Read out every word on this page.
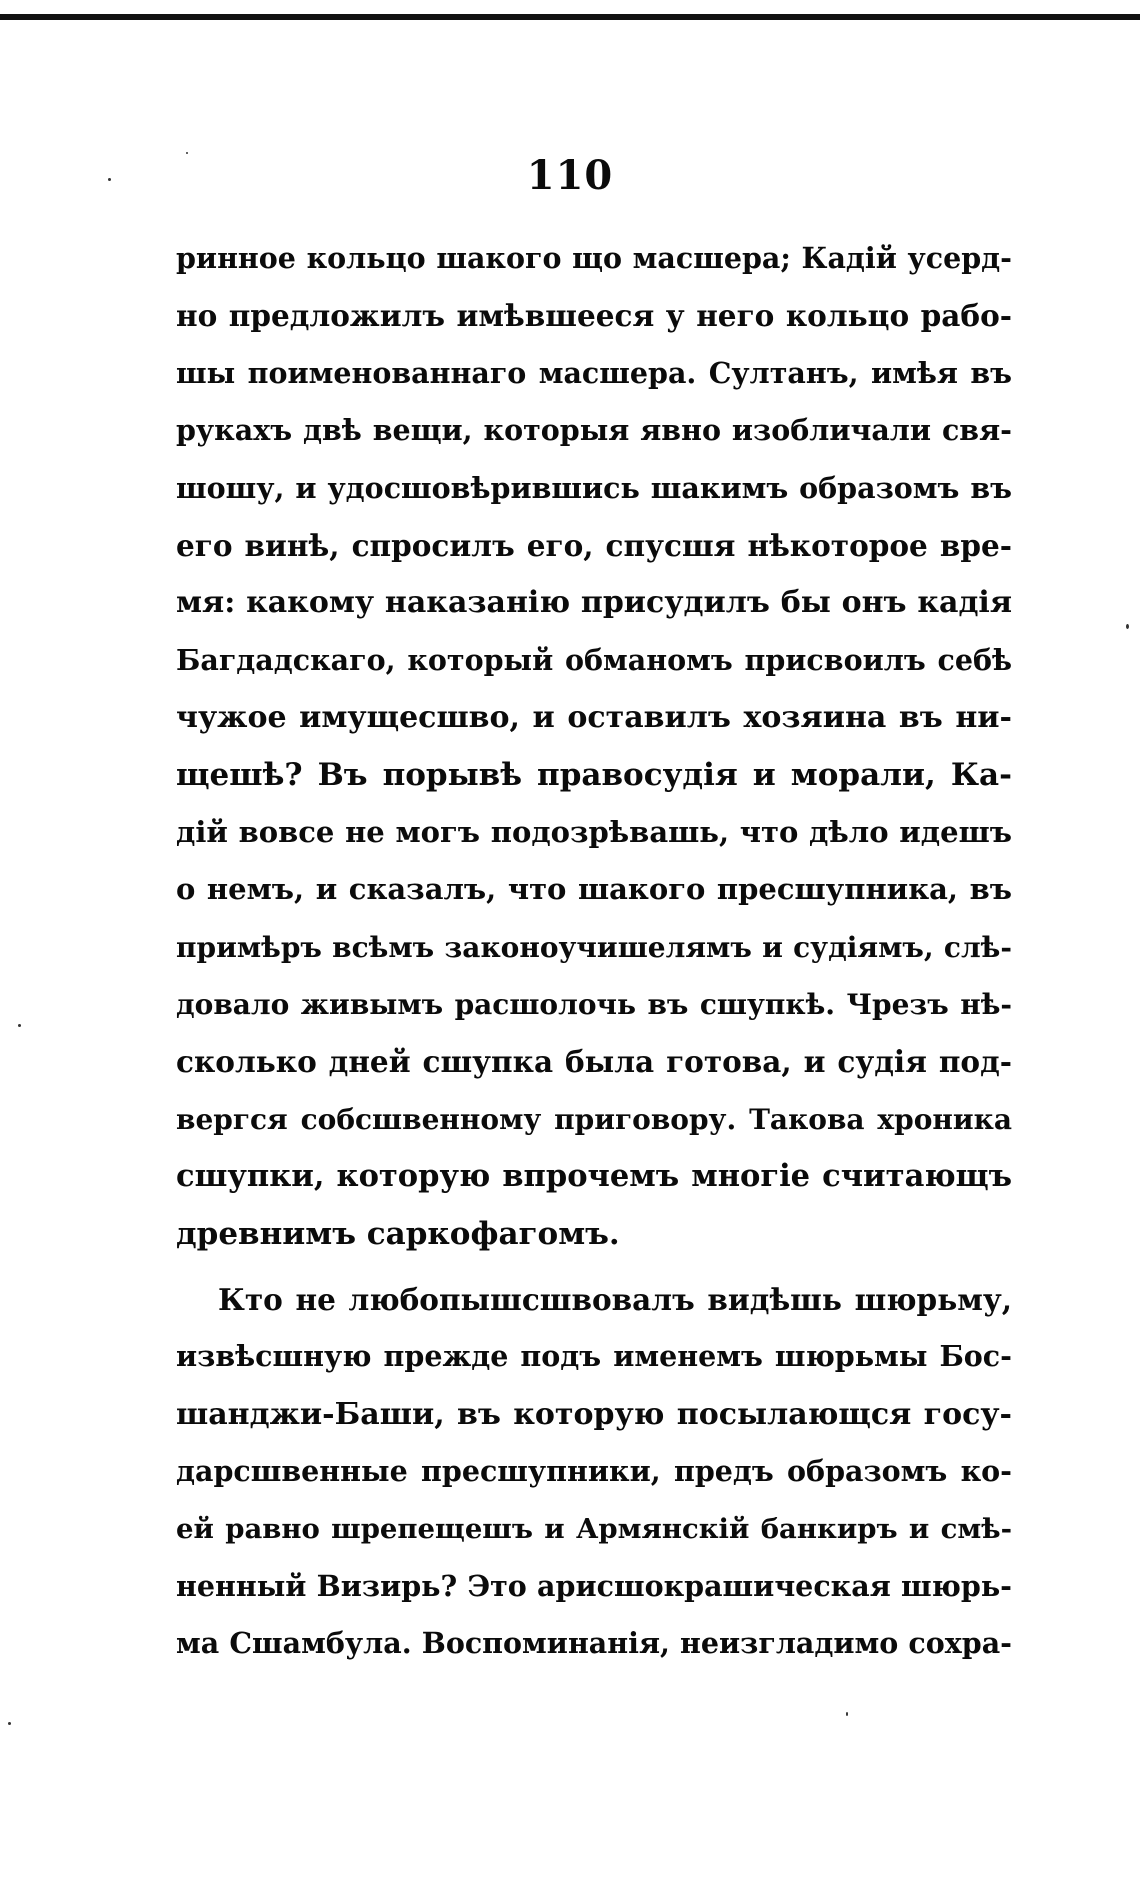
110
ринное кольцо шакого що масшера; Кадій усерд-
но предложилъ имѣвшееся у него кольцо рабо-
шы поименованнаго масшера. Султанъ, имѣя въ
рукахъ двѣ вещи, которыя явно изобличали свя-
шошу, и удосшовѣрившись шакимъ образомъ въ
его винѣ, спросилъ его, спусшя нѣкоторое вре-
мя: какому наказанію присудилъ бы онъ кадія
Багдадскаго, который обманомъ присвоилъ себѣ
чужое имущесшво, и оставилъ хозяина въ ни-
щешѣ? Въ порывѣ правосудія и морали, Ка-
дій вовсе не могъ подозрѣвашь, что дѣло идешъ
о немъ, и сказалъ, что шакого пресшупника, въ
примѣръ всѣмъ законоучишелямъ и судіямъ, слѣ-
довало живымъ расшолочь въ сшупкѣ. Чрезъ нѣ-
сколько дней сшупка была готова, и судія под-
вергся собсшвенному приговору. Такова хроника
сшупки, которую впрочемъ многіе считающъ
древнимъ саркофагомъ.
Кто не любопышсшвовалъ видѣшь шюрьму,
извѣсшную прежде подъ именемъ шюрьмы Бос-
шанджи-Баши, въ которую посылающся госу-
дарсшвенные пресшупники, предъ образомъ ко-
ей равно шрепещешъ и Армянскій банкиръ и смѣ-
ненный Визирь? Это арисшокрашическая шюрь-
ма Сшамбула. Воспоминанія, неизгладимо сохра-
